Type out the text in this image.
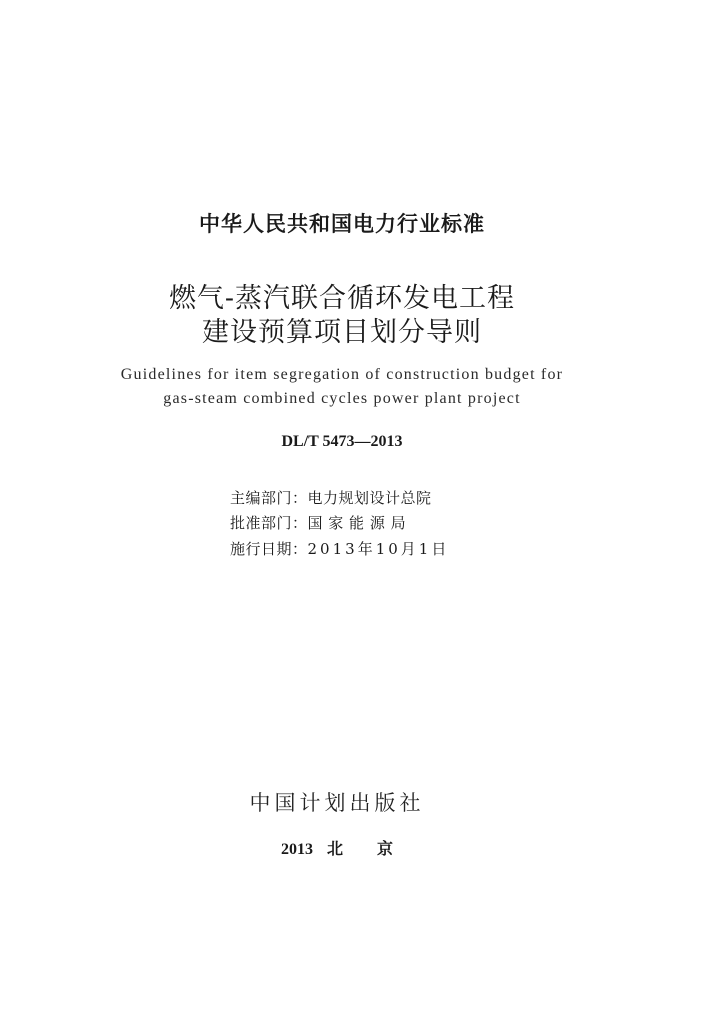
中华人民共和国电力行业标准
燃气-蒸汽联合循环发电工程
建设预算项目划分导则
Guidelines for item segregation of construction budget for
gas-steam combined cycles power plant project
DL/T 5473—2013
主编部门：电力规划设计总院
批准部门：国 家 能 源 局
施行日期：2013年10月1日
中国计划出版社
2013 北 京
